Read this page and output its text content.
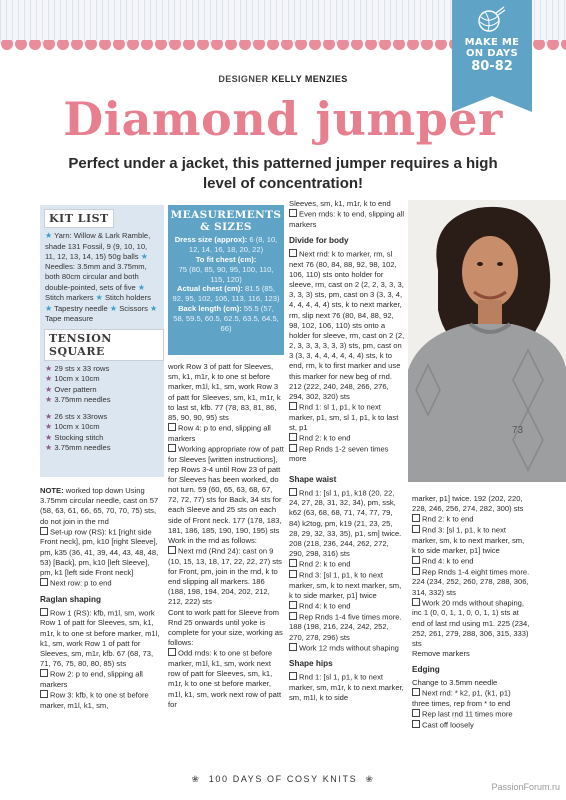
MAKE ME
ON DAYS
80-82
DESIGNER KELLY MENZIES
Diamond jumper
Perfect under a jacket, this patterned jumper requires a high level of concentration!
KIT LIST
★ Yarn: Willow & Lark Ramble, shade 131 Fossil, 9 (9, 10, 10, 11, 12, 13, 14, 15) 50g balls ★ Needles: 3.5mm and 3.75mm, both 80cm circular and both double-pointed, sets of five ★ Stitch markers ★ Stitch holders ★ Tapestry needle ★ Scissors ★ Tape measure
TENSION SQUARE
★ 29 sts x 33 rows
★ 10cm x 10cm
★ Over pattern
★ 3.75mm needles
★ 26 sts x 33rows
★ 10cm x 10cm
★ Stocking stitch
★ 3.75mm needles
MEASUREMENTS
& SIZES
Dress size (approx): 6 (8, 10, 12, 14, 16, 18, 20, 22)
To fit chest (cm):
75 (80, 85, 90, 95, 100, 110, 115, 120)
Actual chest (cm): 81.5 (85, 92, 95, 102, 106, 113, 116, 123)
Back length (cm): 55.5 (57, 58, 59.5, 60.5, 62.5, 63.5, 64.5, 66)

NOTE: worked top down Using 3.75mm circular needle, cast on 57 (58, 63, 61, 66, 65, 70, 70, 75) sts, do not join in the rnd

Set-up row (RS): k1 [right side Front neck], pm, k10 [right Sleeve], pm, k35 (36, 41, 39, 44, 43, 48, 48, 53) [Back], pm, k10 [left Sleeve], pm, k1 [left side Front neck]

Next row: p to end

Raglan shaping

Row 1 (RS): kfb, m1l, sm, work Row 1 of patt for Sleeves, sm, k1, m1r, k to one st before marker, m1l, k1, sm, work Row 1 of patt for Sleeves, sm, m1r, kfb. 67 (68, 73, 71, 76, 75, 80, 80, 85) sts

Row 2: p to end, slipping all markers

Row 3: kfb, k to one st before marker, m1l, k1, sm,

work Row 3 of patt for Sleeves, sm, k1, m1r, k to one st before marker, m1l, k1, sm, work Row 3 of patt for Sleeves, sm, k1, m1r, k to last st, kfb. 77 (78, 83, 81, 86, 85, 90, 90, 95) sts

Row 4: p to end, slipping all markers

Working appropriate row of patt for Sleeves [written instructions], rep Rows 3-4 until Row 23 of patt for Sleeves has been worked, do not turn. 59 (60, 65, 63, 68, 67, 72, 72, 77) sts for Back, 34 sts for each Sleeve and 25 sts on each side of Front neck. 177 (178, 183, 181, 186, 185, 190, 190, 195) sts

Work in the rnd as follows:

Next rnd (Rnd 24): cast on 9 (10, 15, 13, 18, 17, 22, 22, 27) sts for Front, pm, join in the rnd, k to end slipping all markers. 186 (188, 198, 194, 204, 202, 212, 212, 222) sts

Cont to work patt for Sleeve from Rnd 25 onwards until yoke is complete for your size, working as follows:

Odd rnds: k to one st before marker, m1l, k1, sm, work next row of patt for Sleeves, sm, k1, m1r, k to one st before marker, m1l, k1, sm, work next row of patt for

Sleeves, sm, k1, m1r, k to end

Even rnds: k to end, slipping all markers

Divide for body

Next rnd: k to marker, rm, sl next 76 (80, 84, 88, 92, 98, 102, 106, 110) sts onto holder for sleeve, rm, cast on 2 (2, 2, 3, 3, 3, 3, 3, 3) sts, pm, cast on 3 (3, 3, 4, 4, 4, 4, 4, 4) sts, k to next marker, rm, slip next 76 (80, 84, 88, 92, 98, 102, 106, 110) sts onto a holder for sleeve, rm, cast on 2 (2, 2, 3, 3, 3, 3, 3, 3) sts, pm, cast on 3 (3, 3, 4, 4, 4, 4, 4, 4) sts, k to end, rm, k to first marker and use this marker for new beg of rnd. 212 (222, 240, 248, 266, 276, 294, 302, 320) sts

Rnd 1: sl 1, p1, k to next marker, p1, sm, sl 1, p1, k to last st, p1

Rnd 2: k to end

Rep Rnds 1-2 seven times more

Shape waist

Rnd 1: [sl 1, p1, k18 (20, 22, 24, 27, 28, 31, 32, 34), pm, ssk, k62 (63, 68, 68, 71, 74, 77, 79, 84) k2tog, pm, k19 (21, 23, 25, 28, 29, 32, 33, 35), p1, sm] twice. 208 (218, 236, 244, 262, 272, 290, 298, 316) sts

Rnd 2: k to end

Rnd 3: [sl 1, p1, k to next marker, sm, k to next marker, sm, k to side marker, p1] twice

Rnd 4: k to end

Rep Rnds 1-4 five times more. 188 (198, 216, 224, 242, 252, 270, 278, 296) sts

Work 12 rnds without shaping

Shape hips

Rnd 1: [sl 1, p1, k to next marker, sm, m1r, k to next marker, sm, m1l, k to side

73

marker, p1] twice. 192 (202, 220, 228, 246, 256, 274, 282, 300) sts

Rnd 2: k to end

Rnd 3: [sl 1, p1, k to next marker, sm, k to next marker, sm, k to side marker, p1] twice

Rnd 4: k to end

Rep Rnds 1-4 eight times more. 224 (234, 252, 260, 278, 288, 306, 314, 332) sts

Work 20 rnds without shaping, inc 1 (0, 0, 1, 1, 0, 0, 1, 1) sts at end of last rnd using m1. 225 (234, 252, 261, 279, 288, 306, 315, 333) sts

Remove markers

Edging

Change to 3.5mm needle

Next rnd: * k2, p1, (k1, p1) three times, rep from * to end

Rep last rnd 11 times more

Cast off loosely

❀ 100 DAYS OF COSY KNITS ❀
PassionForum.ru
